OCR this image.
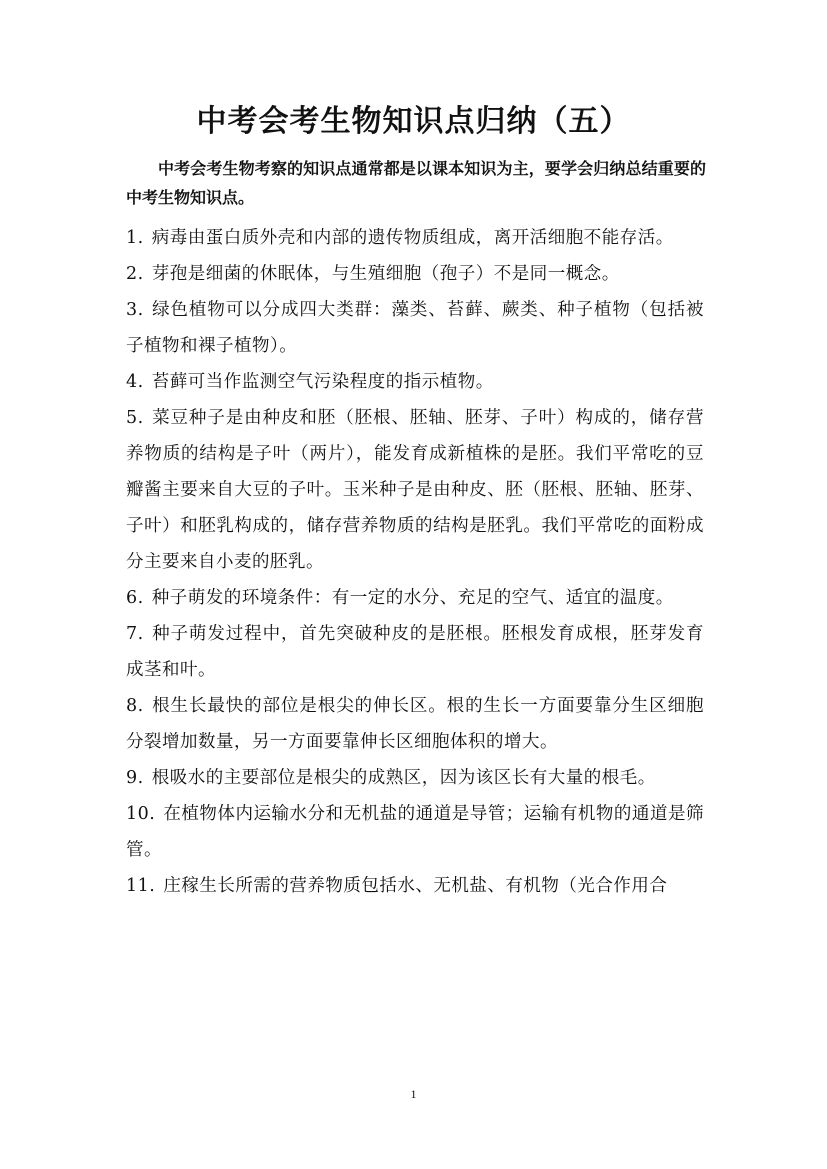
中考会考生物知识点归纳（五）
中考会考生物考察的知识点通常都是以课本知识为主，要学会归纳总结重要的中考生物知识点。

1. 病毒由蛋白质外壳和内部的遗传物质组成，离开活细胞不能存活。

2. 芽孢是细菌的休眠体，与生殖细胞（孢子）不是同一概念。

3. 绿色植物可以分成四大类群：藻类、苔藓、蕨类、种子植物（包括被子植物和裸子植物）。

4. 苔藓可当作监测空气污染程度的指示植物。

5. 菜豆种子是由种皮和胚（胚根、胚轴、胚芽、子叶）构成的，储存营养物质的结构是子叶（两片），能发育成新植株的是胚。我们平常吃的豆瓣酱主要来自大豆的子叶。玉米种子是由种皮、胚（胚根、胚轴、胚芽、子叶）和胚乳构成的，储存营养物质的结构是胚乳。我们平常吃的面粉成分主要来自小麦的胚乳。

6. 种子萌发的环境条件：有一定的水分、充足的空气、适宜的温度。

7. 种子萌发过程中，首先突破种皮的是胚根。胚根发育成根，胚芽发育成茎和叶。

8. 根生长最快的部位是根尖的伸长区。根的生长一方面要靠分生区细胞分裂增加数量，另一方面要靠伸长区细胞体积的增大。

9. 根吸水的主要部位是根尖的成熟区，因为该区长有大量的根毛。

10. 在植物体内运输水分和无机盐的通道是导管；运输有机物的通道是筛管。

11. 庄稼生长所需的营养物质包括水、无机盐、有机物（光合作用合

1
